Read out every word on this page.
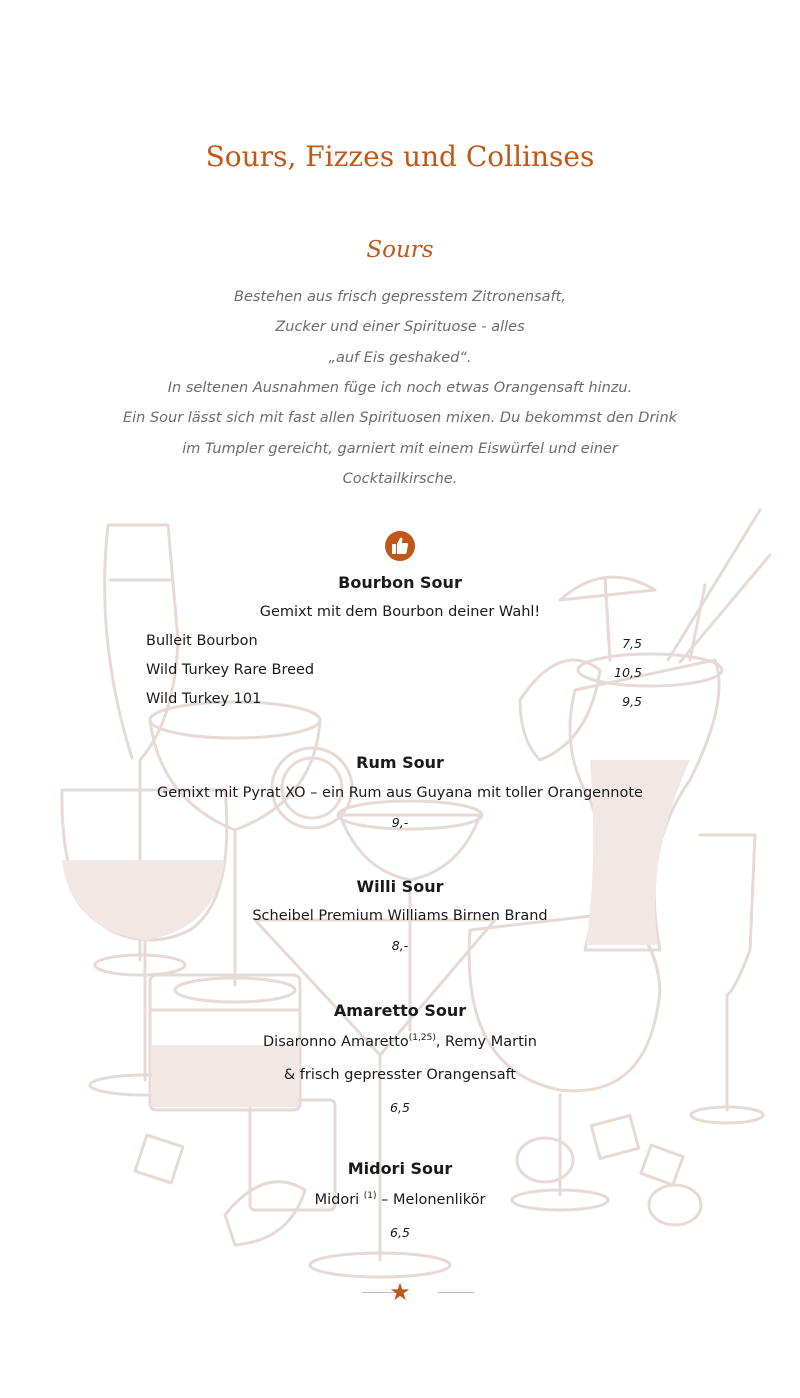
Sours, Fizzes und Collinses
Sours
Bestehen aus frisch gepresstem Zitronensaft,
Zucker und einer Spirituose - alles
„auf Eis geshaked“.
In seltenen Ausnahmen füge ich noch etwas Orangensaft hinzu.
Ein Sour lässt sich mit fast allen Spirituosen mixen. Du bekommst den Drink
im Tumpler gereicht, garniert mit einem Eiswürfel und einer
Cocktailkirsche.
Bourbon Sour
Gemixt mit dem Bourbon deiner Wahl!
Bulleit Bourbon	7,5
Wild Turkey Rare Breed	10,5
Wild Turkey 101	9,5
Rum Sour
Gemixt mit Pyrat XO – ein Rum aus Guyana mit toller Orangennote
9,-
Willi Sour
Scheibel Premium Williams Birnen Brand
8,-
Amaretto Sour
Disaronno Amaretto$^{(1,25)}$, Remy Martin
& frisch gepresster Orangensaft
6,5
Midori Sour
Midori $^{(1)}$ – Melonenlikör
6,5
★
